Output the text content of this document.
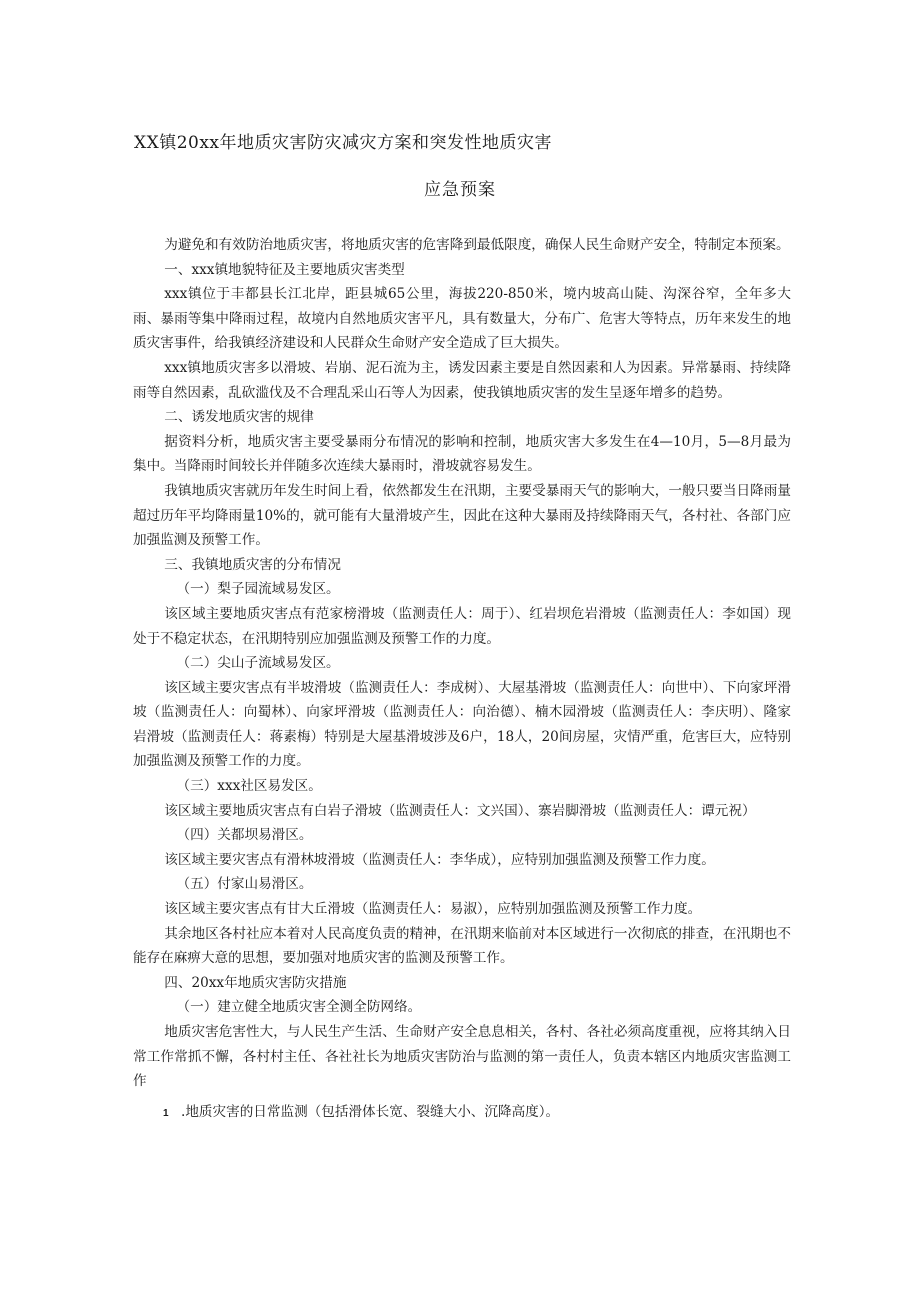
XX镇20xx年地质灾害防灾减灾方案和突发性地质灾害
应急预案

为避免和有效防治地质灾害，将地质灾害的危害降到最低限度，确保人民生命财产安全，特制定本预案。

一、xxx镇地貌特征及主要地质灾害类型

xxx镇位于丰都县长江北岸，距县城65公里，海拔220-850米，境内坡高山陡、沟深谷窄，全年多大雨、暴雨等集中降雨过程，故境内自然地质灾害平凡，具有数量大，分布广、危害大等特点，历年来发生的地质灾害事件，给我镇经济建设和人民群众生命财产安全造成了巨大损失。

xxx镇地质灾害多以滑坡、岩崩、泥石流为主，诱发因素主要是自然因素和人为因素。异常暴雨、持续降雨等自然因素，乱砍滥伐及不合理乱采山石等人为因素，使我镇地质灾害的发生呈逐年增多的趋势。

二、诱发地质灾害的规律

据资料分析，地质灾害主要受暴雨分布情况的影响和控制，地质灾害大多发生在4—10月，5—8月最为集中。当降雨时间较长并伴随多次连续大暴雨时，滑坡就容易发生。

我镇地质灾害就历年发生时间上看，依然都发生在汛期，主要受暴雨天气的影响大，一般只要当日降雨量超过历年平均降雨量10%的，就可能有大量滑坡产生，因此在这种大暴雨及持续降雨天气，各村社、各部门应加强监测及预警工作。

三、我镇地质灾害的分布情况

（一）梨子园流域易发区。

该区域主要地质灾害点有范家榜滑坡（监测责任人：周于）、红岩坝危岩滑坡（监测责任人：李如国）现处于不稳定状态，在汛期特别应加强监测及预警工作的力度。

（二）尖山子流域易发区。

该区域主要灾害点有半坡滑坡（监测责任人：李成树）、大屋基滑坡（监测责任人：向世中）、下向家坪滑坡（监测责任人：向蜀林）、向家坪滑坡（监测责任人：向治德）、楠木园滑坡（监测责任人：李庆明）、隆家岩滑坡（监测责任人：蒋素梅）特别是大屋基滑坡涉及6户，18人，20间房屋，灾情严重，危害巨大，应特别加强监测及预警工作的力度。

（三）xxx社区易发区。

该区域主要地质灾害点有白岩子滑坡（监测责任人：文兴国）、寨岩脚滑坡（监测责任人：谭元祝）

（四）关都坝易滑区。

该区域主要灾害点有滑林坡滑坡（监测责任人：李华成），应特别加强监测及预警工作力度。

（五）付家山易滑区。

该区域主要灾害点有甘大丘滑坡（监测责任人：易淑），应特别加强监测及预警工作力度。

其余地区各村社应本着对人民高度负责的精神，在汛期来临前对本区域进行一次彻底的排查，在汛期也不能存在麻痹大意的思想，要加强对地质灾害的监测及预警工作。

四、20xx年地质灾害防灾措施

（一）建立健全地质灾害全测全防网络。

地质灾害危害性大，与人民生产生活、生命财产安全息息相关，各村、各社必须高度重视，应将其纳入日常工作常抓不懈，各村村主任、各社社长为地质灾害防治与监测的第一责任人，负责本辖区内地质灾害监测工作

1 .地质灾害的日常监测（包括滑体长宽、裂缝大小、沉降高度）。
